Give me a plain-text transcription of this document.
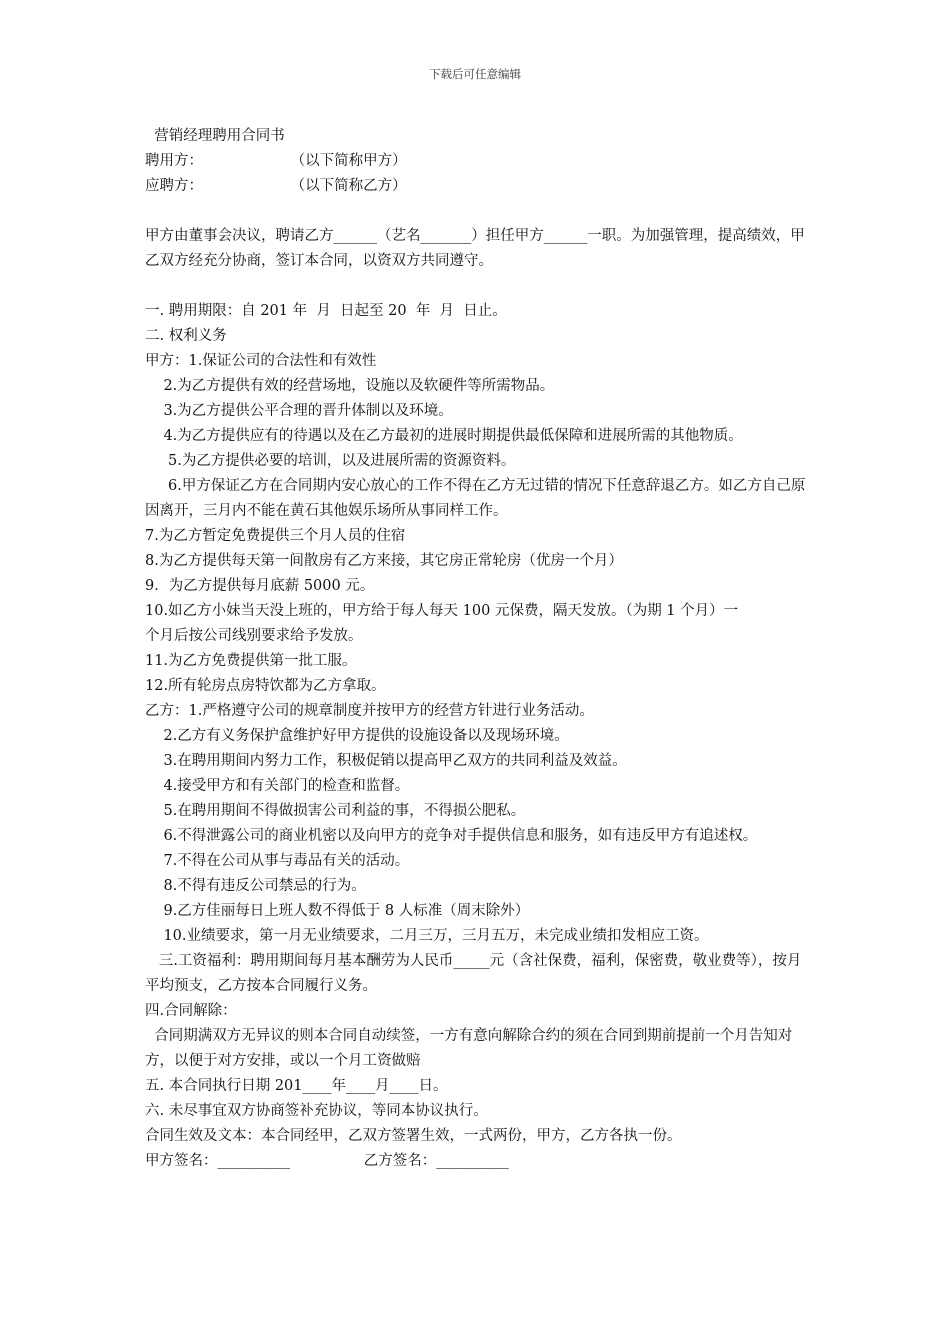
下载后可任意编辑

营销经理聘用合同书

聘用方：                   （以下简称甲方）

应聘方：                   （以下简称乙方）

甲方由董事会决议，聘请乙方______（艺名_______）担任甲方______一职。为加强管理，提高绩效，甲乙双方经充分协商，签订本合同，以资双方共同遵守。

一. 聘用期限：自 201 年  月  日起至 20  年  月  日止。

二. 权利义务

甲方：1.保证公司的合法性和有效性

2.为乙方提供有效的经营场地，设施以及软硬件等所需物品。

3.为乙方提供公平合理的晋升体制以及环境。

4.为乙方提供应有的待遇以及在乙方最初的进展时期提供最低保障和进展所需的其他物质。

5.为乙方提供必要的培训，以及进展所需的资源资料。

6.甲方保证乙方在合同期内安心放心的工作不得在乙方无过错的情况下任意辞退乙方。如乙方自己原因离开，三月内不能在黄石其他娱乐场所从事同样工作。

7.为乙方暂定免费提供三个月人员的住宿

8.为乙方提供每天第一间散房有乙方来接，其它房正常轮房（优房一个月）

9．为乙方提供每月底薪 5000 元。

10.如乙方小妹当天没上班的，甲方给于每人每天 100 元保费，隔天发放。（为期 1 个月）一              个月后按公司线别要求给予发放。

11.为乙方免费提供第一批工服。

12.所有轮房点房特饮都为乙方拿取。

乙方：1.严格遵守公司的规章制度并按甲方的经营方针进行业务活动。

2.乙方有义务保护盒维护好甲方提供的设施设备以及现场环境。

3.在聘用期间内努力工作，积极促销以提高甲乙双方的共同利益及效益。

4.接受甲方和有关部门的检查和监督。

5.在聘用期间不得做损害公司利益的事，不得损公肥私。

6.不得泄露公司的商业机密以及向甲方的竞争对手提供信息和服务，如有违反甲方有追述权。

7.不得在公司从事与毒品有关的活动。

8.不得有违反公司禁忌的行为。

9.乙方佳丽每日上班人数不得低于 8 人标准（周末除外）

10.业绩要求，第一月无业绩要求，二月三万，三月五万，未完成业绩扣发相应工资。

三.工资福利：聘用期间每月基本酬劳为人民币_____元（含社保费，福利，保密费，敬业费等），按月平均预支，乙方按本合同履行义务。

四.合同解除：

合同期满双方无异议的则本合同自动续签，一方有意向解除合约的须在合同到期前提前一个月告知对方，以便于对方安排，或以一个月工资做赔

五. 本合同执行日期 201____年____月____日。

六. 未尽事宜双方协商签补充协议，等同本协议执行。

合同生效及文本：本合同经甲，乙双方签署生效，一式两份，甲方，乙方各执一份。

甲方签名：__________                乙方签名：__________
